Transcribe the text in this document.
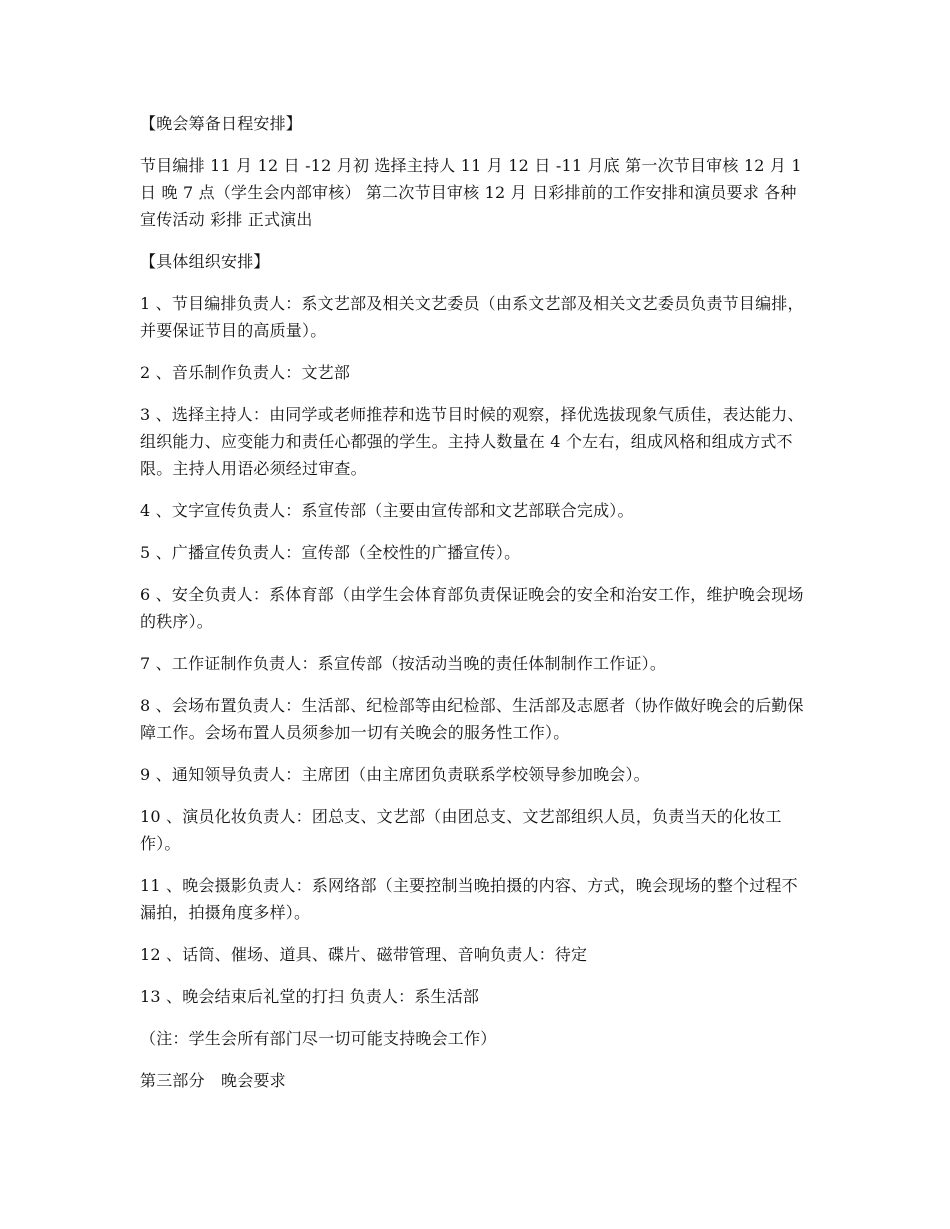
【晚会筹备日程安排】

节目编排 11 月 12 日 -12 月初 选择主持人 11 月 12 日 -11 月底 第一次节目审核 12 月 1 日 晚 7 点（学生会内部审核） 第二次节目审核 12 月 日彩排前的工作安排和演员要求 各种宣传活动 彩排 正式演出

【具体组织安排】

1 、节目编排负责人：系文艺部及相关文艺委员（由系文艺部及相关文艺委员负责节目编排，并要保证节目的高质量）。

2 、音乐制作负责人：文艺部

3 、选择主持人：由同学或老师推荐和选节目时候的观察，择优选拔现象气质佳，表达能力、组织能力、应变能力和责任心都强的学生。主持人数量在 4 个左右，组成风格和组成方式不限。主持人用语必须经过审查。

4 、文字宣传负责人：系宣传部（主要由宣传部和文艺部联合完成）。

5 、广播宣传负责人：宣传部（全校性的广播宣传）。

6 、安全负责人：系体育部（由学生会体育部负责保证晚会的安全和治安工作，维护晚会现场的秩序）。

7 、工作证制作负责人：系宣传部（按活动当晚的责任体制制作工作证）。

8 、会场布置负责人：生活部、纪检部等由纪检部、生活部及志愿者（协作做好晚会的后勤保障工作。会场布置人员须参加一切有关晚会的服务性工作）。

9 、通知领导负责人：主席团（由主席团负责联系学校领导参加晚会）。

10 、演员化妆负责人：团总支、文艺部（由团总支、文艺部组织人员，负责当天的化妆工作）。

11 、晚会摄影负责人：系网络部（主要控制当晚拍摄的内容、方式，晚会现场的整个过程不漏拍，拍摄角度多样）。

12 、话筒、催场、道具、碟片、磁带管理、音响负责人：待定

13 、晚会结束后礼堂的打扫 负责人：系生活部

（注：学生会所有部门尽一切可能支持晚会工作）

第三部分　晚会要求
